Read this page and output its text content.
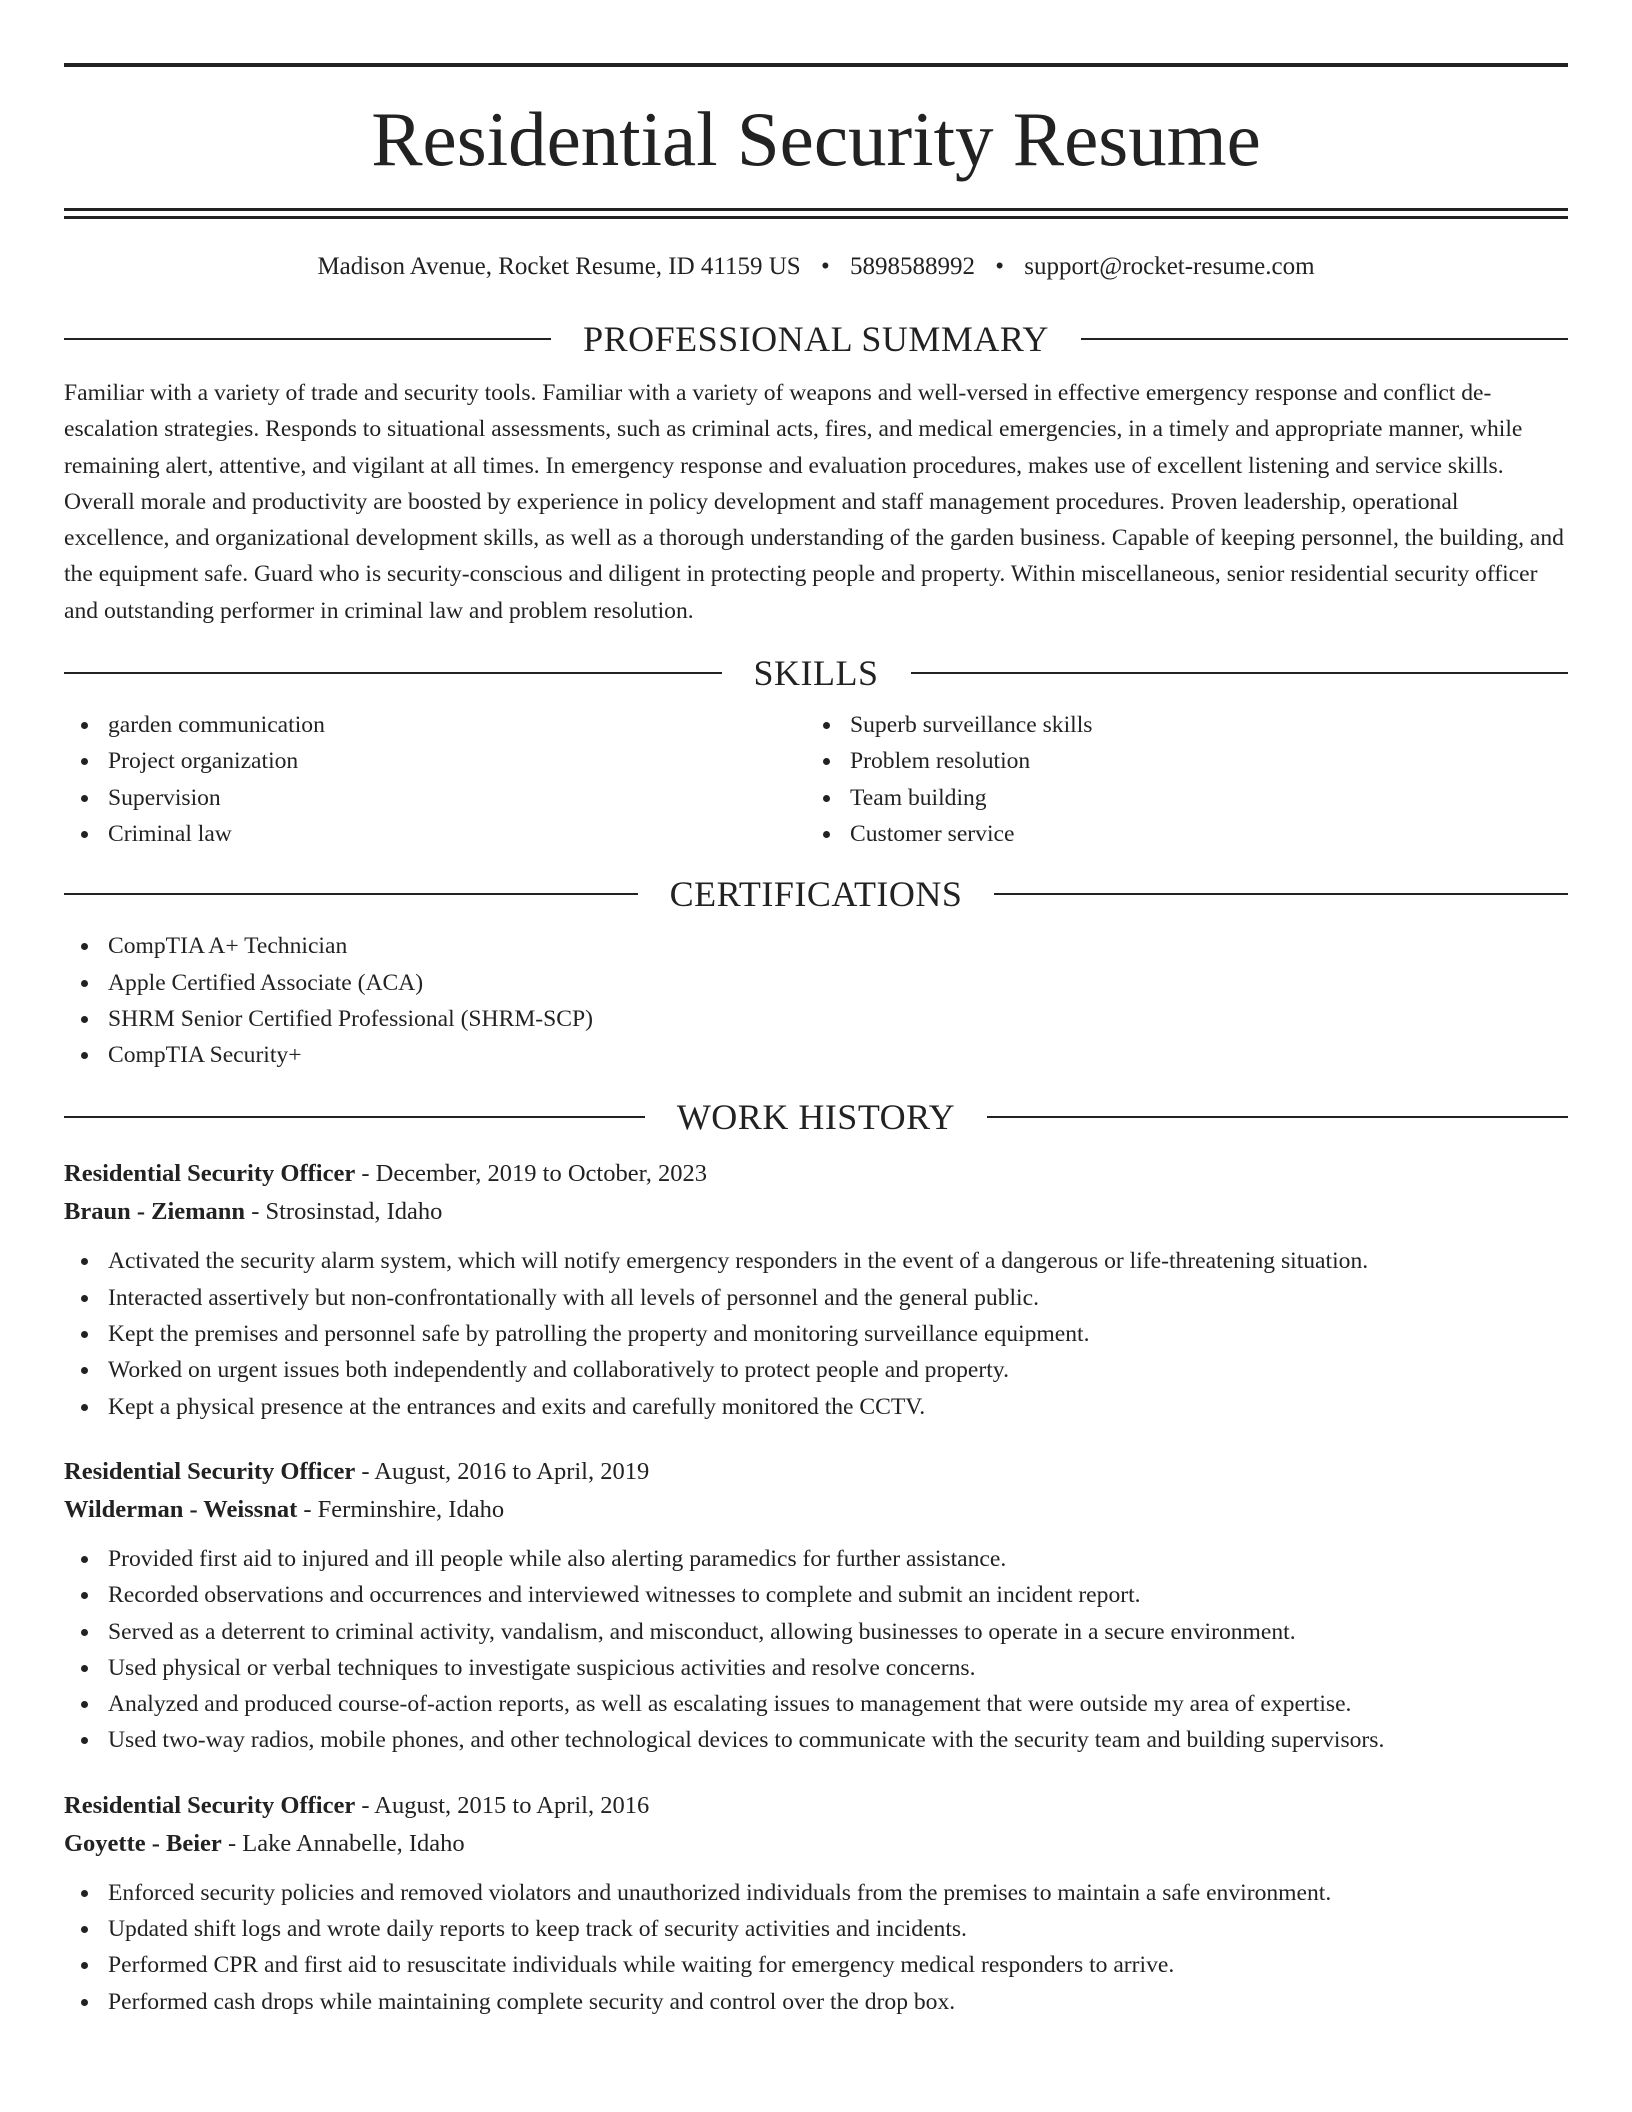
Residential Security Resume
Madison Avenue, Rocket Resume, ID 41159 US • 5898588992 • support@rocket-resume.com
PROFESSIONAL SUMMARY

Familiar with a variety of trade and security tools. Familiar with a variety of weapons and well-versed in effective emergency response and conflict de-escalation strategies. Responds to situational assessments, such as criminal acts, fires, and medical emergencies, in a timely and appropriate manner, while remaining alert, attentive, and vigilant at all times. In emergency response and evaluation procedures, makes use of excellent listening and service skills. Overall morale and productivity are boosted by experience in policy development and staff management procedures. Proven leadership, operational excellence, and organizational development skills, as well as a thorough understanding of the garden business. Capable of keeping personnel, the building, and the equipment safe. Guard who is security-conscious and diligent in protecting people and property. Within miscellaneous, senior residential security officer and outstanding performer in criminal law and problem resolution.

SKILLS
garden communication
Project organization
Supervision
Criminal law
Superb surveillance skills
Problem resolution
Team building
Customer service
CERTIFICATIONS
CompTIA A+ Technician
Apple Certified Associate (ACA)
SHRM Senior Certified Professional (SHRM-SCP)
CompTIA Security+
WORK HISTORY
Residential Security Officer - December, 2019 to October, 2023
Braun - Ziemann - Strosinstad, Idaho
Activated the security alarm system, which will notify emergency responders in the event of a dangerous or life-threatening situation.
Interacted assertively but non-confrontationally with all levels of personnel and the general public.
Kept the premises and personnel safe by patrolling the property and monitoring surveillance equipment.
Worked on urgent issues both independently and collaboratively to protect people and property.
Kept a physical presence at the entrances and exits and carefully monitored the CCTV.
Residential Security Officer - August, 2016 to April, 2019
Wilderman - Weissnat - Ferminshire, Idaho
Provided first aid to injured and ill people while also alerting paramedics for further assistance.
Recorded observations and occurrences and interviewed witnesses to complete and submit an incident report.
Served as a deterrent to criminal activity, vandalism, and misconduct, allowing businesses to operate in a secure environment.
Used physical or verbal techniques to investigate suspicious activities and resolve concerns.
Analyzed and produced course-of-action reports, as well as escalating issues to management that were outside my area of expertise.
Used two-way radios, mobile phones, and other technological devices to communicate with the security team and building supervisors.
Residential Security Officer - August, 2015 to April, 2016
Goyette - Beier - Lake Annabelle, Idaho
Enforced security policies and removed violators and unauthorized individuals from the premises to maintain a safe environment.
Updated shift logs and wrote daily reports to keep track of security activities and incidents.
Performed CPR and first aid to resuscitate individuals while waiting for emergency medical responders to arrive.
Performed cash drops while maintaining complete security and control over the drop box.
